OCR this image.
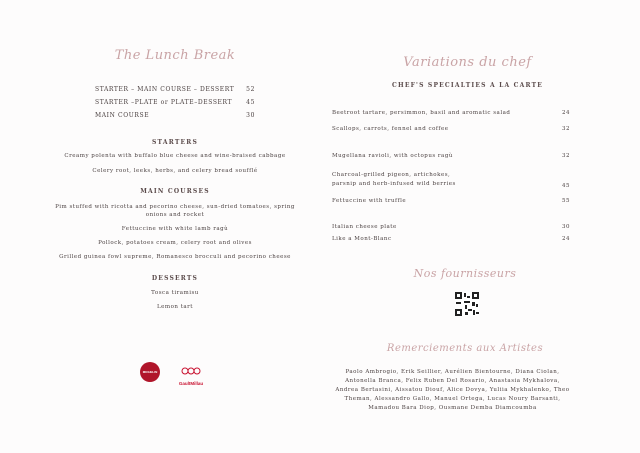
The Lunch Break
STARTER – MAIN COURSE – DESSERT 52
STARTER –PLATE or PLATE–DESSERT 45
MAIN COURSE	30
STARTERS
Creamy polenta with buffalo blue cheese and wine-braised cabbage
Celery root, leeks, herbs, and celery bread soufflé
MAIN COURSES
Pim stuffed with ricotta and pecorino cheese, sun-dried tomatoes, spring onions and rocket
Fettuccine with white lamb ragù
Pollock, potatoes cream, celery root and olives
Grilled guinea fowl supreme, Romanesco brocculi and pecorino cheese
DESSERTS
Tosca tiramisu
Lemon tart
MICHELIN
GaultMillau
Variations du chef
CHEF'S SPECIALTIES A LA CARTE
Beetroot tartare, persimmon, basil and aromatic salad	24
Scallops, carrots, fennel and coffee	32
Mugellana ravioli, with octopus ragù	32
Charcoal-grilled pigeon, artichokes, parsnip and herb-infused wild berries	45
Fettuccine with truffle	55
Italian cheese plate	30
Like a Mont-Blanc	24
Nos fournisseurs
Remerciements aux Artistes
Paolo Ambrogio, Erik Seillier, Aurélien Bientourne, Diana Ciolan, Antonella Branca, Felix Ruben Del Rosario, Anastasia Mykhalova, Andrea Bertasini, Aissatou Diouf, Alice Dovya, Yuliia Mykhalenko, Theo Theman, Alessandro Gallo, Manuel Ortega, Lucas Noury Barsanti, Mamadou Bara Diop, Ousmane Demba Diamcoumba
